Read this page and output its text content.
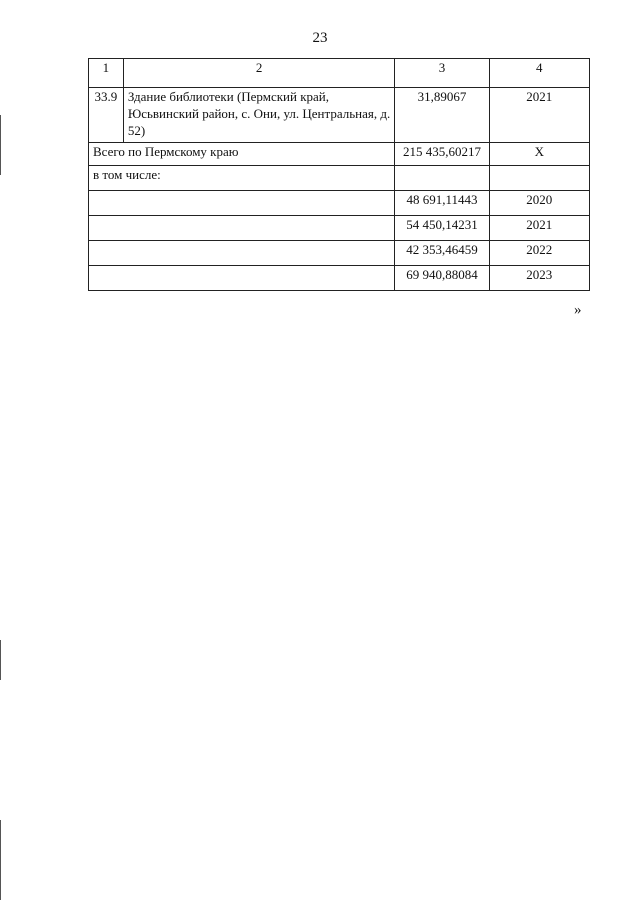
23
1	2	3	4
33.9	Здание библиотеки (Пермский край, Юсьвинский район, с. Они, ул. Центральная, д. 52)	31,89067	2021
Всего по Пермскому краю		215 435,60217	X
в том числе:			
		48 691,11443	2020
		54 450,14231	2021
		42 353,46459	2022
		69 940,88084	2023
»
